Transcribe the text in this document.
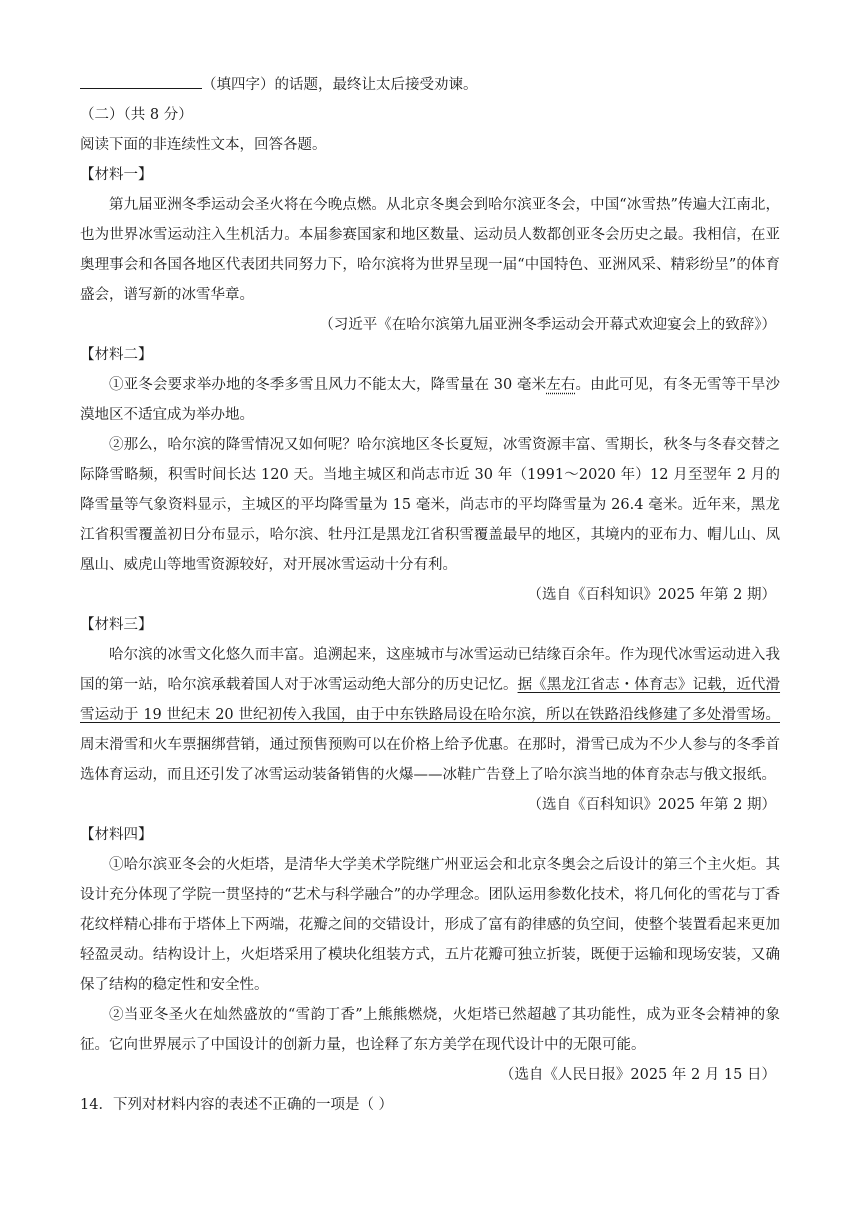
（填四字）的话题，最终让太后接受劝谏。
（二）（共 8 分）
阅读下面的非连续性文本，回答各题。
【材料一】
第九届亚洲冬季运动会圣火将在今晚点燃。从北京冬奥会到哈尔滨亚冬会，中国“冰雪热”传遍大江南北，也为世界冰雪运动注入生机活力。本届参赛国家和地区数量、运动员人数都创亚冬会历史之最。我相信，在亚奥理事会和各国各地区代表团共同努力下，哈尔滨将为世界呈现一届“中国特色、亚洲风采、精彩纷呈”的体育盛会，谱写新的冰雪华章。
（习近平《在哈尔滨第九届亚洲冬季运动会开幕式欢迎宴会上的致辞》）
【材料二】
①亚冬会要求举办地的冬季多雪且风力不能太大，降雪量在 30 毫米左右。由此可见，有冬无雪等干旱沙漠地区不适宜成为举办地。
②那么，哈尔滨的降雪情况又如何呢？哈尔滨地区冬长夏短，冰雪资源丰富、雪期长，秋冬与冬春交替之际降雪略频，积雪时间长达 120 天。当地主城区和尚志市近 30 年（1991～2020 年）12 月至翌年 2 月的降雪量等气象资料显示，主城区的平均降雪量为 15 毫米，尚志市的平均降雪量为 26.4 毫米。近年来，黑龙江省积雪覆盖初日分布显示，哈尔滨、牡丹江是黑龙江省积雪覆盖最早的地区，其境内的亚布力、帽儿山、凤凰山、威虎山等地雪资源较好，对开展冰雪运动十分有利。
（选自《百科知识》2025 年第 2 期）
【材料三】
哈尔滨的冰雪文化悠久而丰富。追溯起来，这座城市与冰雪运动已结缘百余年。作为现代冰雪运动进入我国的第一站，哈尔滨承载着国人对于冰雪运动绝大部分的历史记忆。据《黑龙江省志・体育志》记载，近代滑雪运动于 19 世纪末 20 世纪初传入我国，由于中东铁路局设在哈尔滨，所以在铁路沿线修建了多处滑雪场。周末滑雪和火车票捆绑营销，通过预售预购可以在价格上给予优惠。在那时，滑雪已成为不少人参与的冬季首选体育运动，而且还引发了冰雪运动装备销售的火爆——冰鞋广告登上了哈尔滨当地的体育杂志与俄文报纸。
（选自《百科知识》2025 年第 2 期）
【材料四】
①哈尔滨亚冬会的火炬塔，是清华大学美术学院继广州亚运会和北京冬奥会之后设计的第三个主火炬。其设计充分体现了学院一贯坚持的“艺术与科学融合”的办学理念。团队运用参数化技术，将几何化的雪花与丁香花纹样精心排布于塔体上下两端，花瓣之间的交错设计，形成了富有韵律感的负空间，使整个装置看起来更加轻盈灵动。结构设计上，火炬塔采用了模块化组装方式，五片花瓣可独立折装，既便于运输和现场安装，又确保了结构的稳定性和安全性。
②当亚冬圣火在灿然盛放的“雪韵丁香”上熊熊燃烧，火炬塔已然超越了其功能性，成为亚冬会精神的象征。它向世界展示了中国设计的创新力量，也诠释了东方美学在现代设计中的无限可能。
（选自《人民日报》2025 年 2 月 15 日）
14．下列对材料内容的表述不正确的一项是（ ）
